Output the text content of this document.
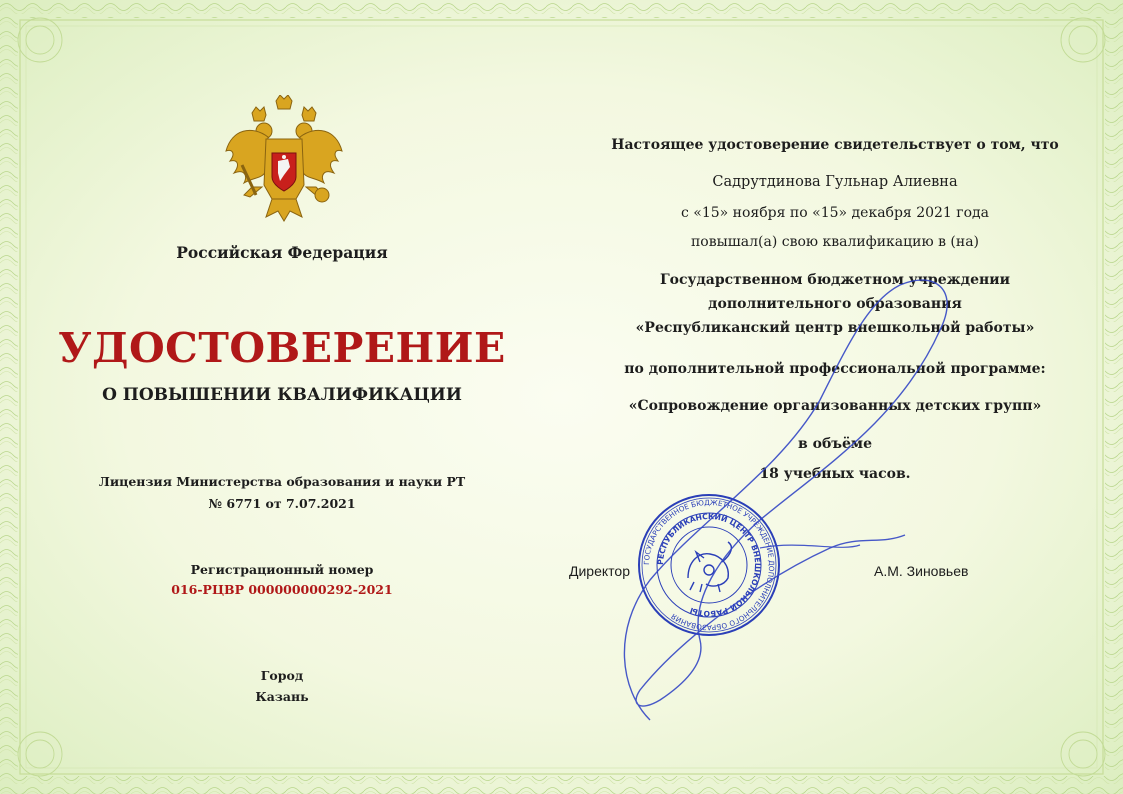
Российская Федерация
УДОСТОВЕРЕНИЕ
О ПОВЫШЕНИИ КВАЛИФИКАЦИИ
Лицензия Министерства образования и науки РТ
№ 6771 от 7.07.2021
Регистрационный номер
016-РЦВР 000000000292-2021
Город
Казань
Настоящее удостоверение свидетельствует о том, что
Садрутдинова Гульнар Алиевна
с «15» ноября по «15» декабря 2021 года
повышал(а) свою квалификацию в (на)
Государственном бюджетном учреждении
дополнительного образования
«Республиканский центр внешкольной работы»
по дополнительной профессиональной программе:
«Сопровождение организованных детских групп»
в объёме
18 учебных часов.
Директор	А.М. Зиновьев
ГОСУДАРСТВЕННОЕ БЮДЖЕТНОЕ УЧРЕЖДЕНИЕ ДОПОЛНИТЕЛЬНОГО ОБРАЗОВАНИЯ
РЕСПУБЛИКАНСКИЙ ЦЕНТР ВНЕШКОЛЬНОЙ РАБОТЫ
